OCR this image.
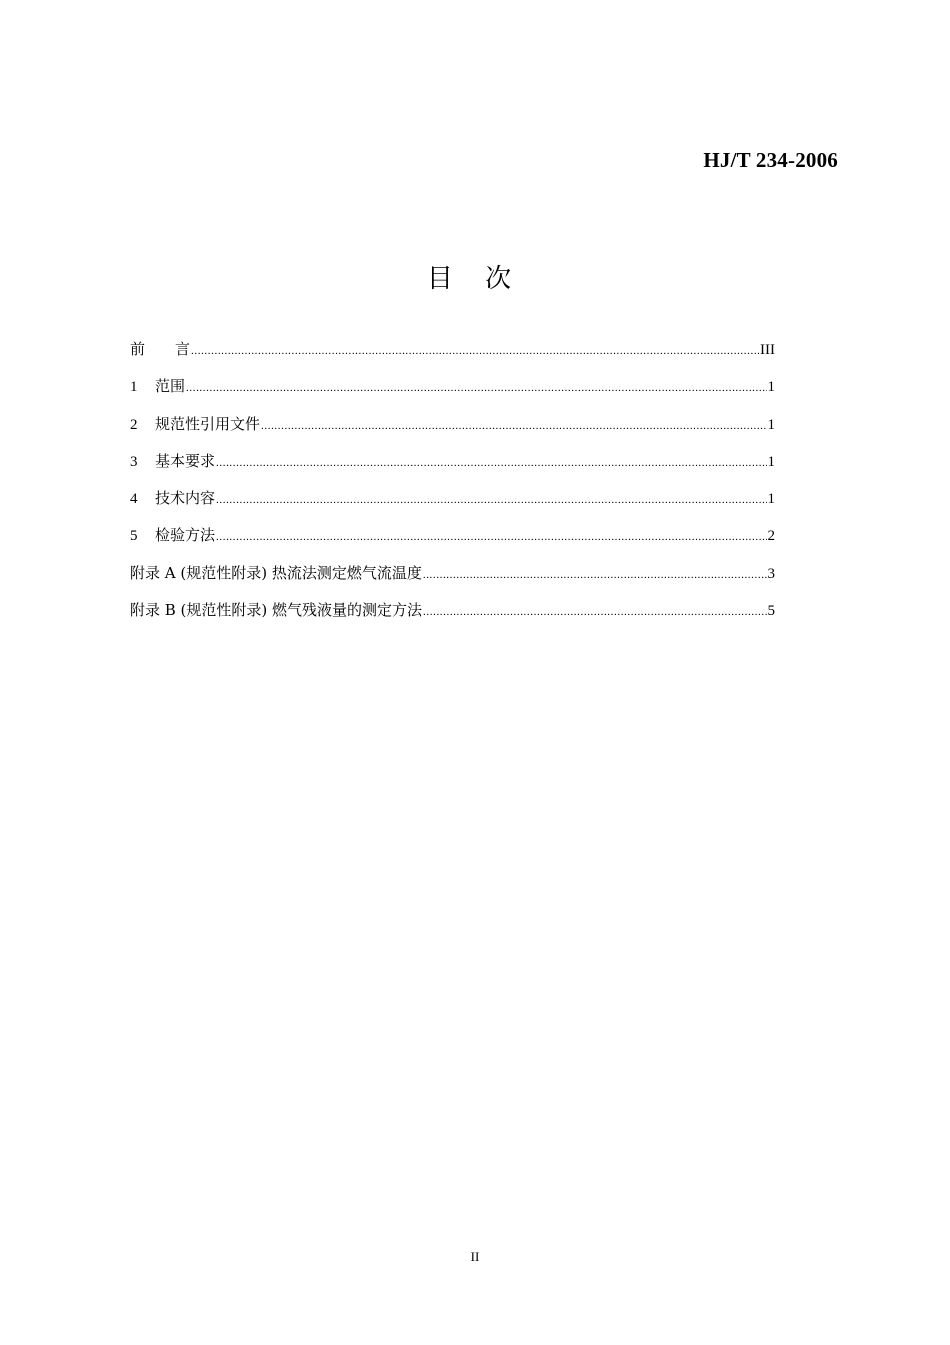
HJ/T 234-2006
目 次
前　　言 .....	III
1	范围 .....	1
2	规范性引用文件 .....	1
3	基本要求 .....	1
4	技术内容 .....	1
5	检验方法 .....	2
附录 A (规范性附录) 热流法测定燃气流温度 .....	3
附录 B (规范性附录) 燃气残液量的测定方法 .....	5
II
